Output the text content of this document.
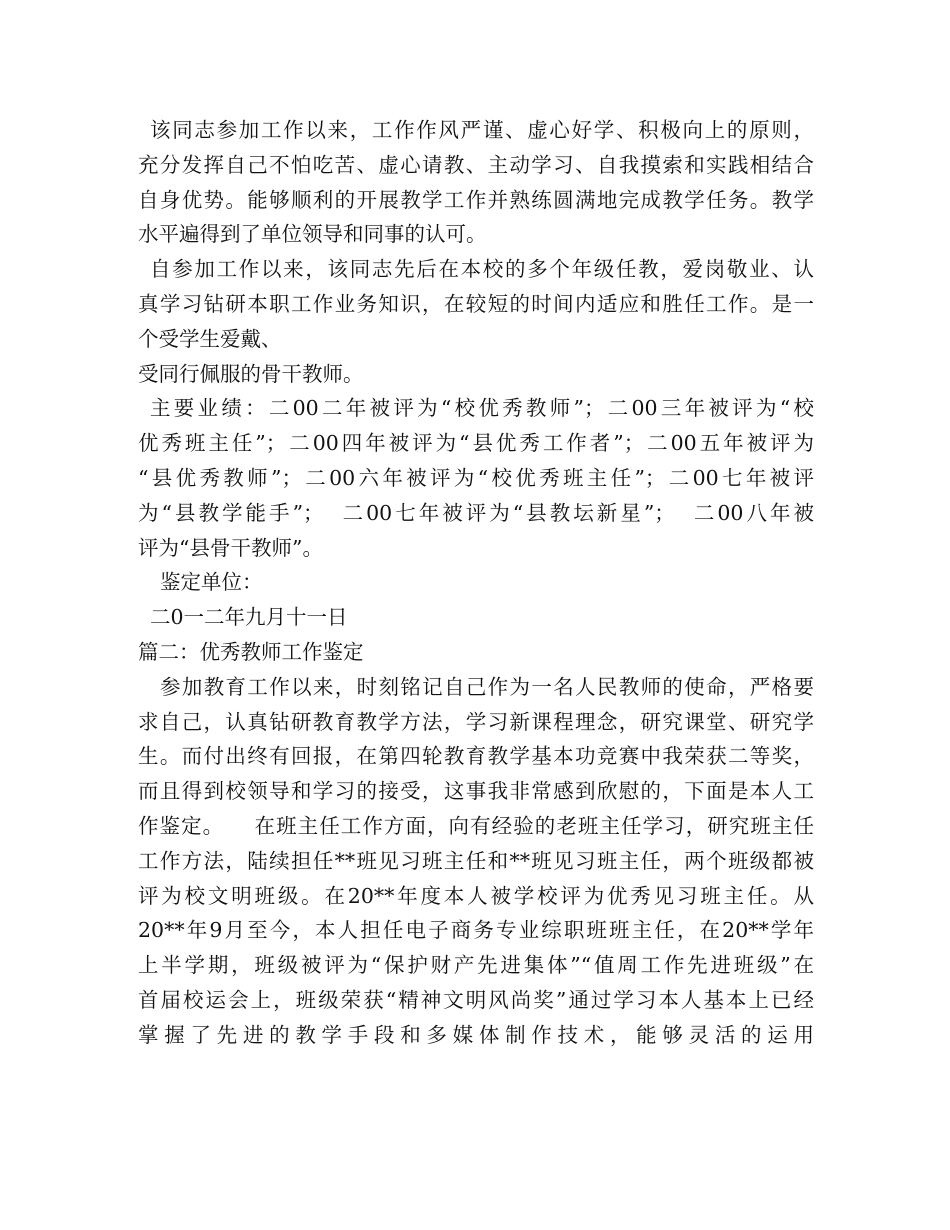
该同志参加工作以来，工作作风严谨、虚心好学、积极向上的原则，
充分发挥自己不怕吃苦、虚心请教、主动学习、自我摸索和实践相结合
自身优势。能够顺利的开展教学工作并熟练圆满地完成教学任务。教学
水平遍得到了单位领导和同事的认可。
自参加工作以来，该同志先后在本校的多个年级任教，爱岗敬业、认
真学习钻研本职工作业务知识，在较短的时间内适应和胜任工作。是一
个受学生爱戴、
受同行佩服的骨干教师。
主要业绩：二00二年被评为“校优秀教师”；二00三年被评为“校
优秀班主任”；二00四年被评为“县优秀工作者”；二00五年被评为
“县优秀教师”；二00六年被评为“校优秀班主任”；二00七年被评
为“县教学能手”；  二00七年被评为“县教坛新星”；  二00八年被
评为“县骨干教师”。
鉴定单位：
二0一二年九月十一日
篇二：优秀教师工作鉴定
参加教育工作以来，时刻铭记自己作为一名人民教师的使命，严格要
求自己，认真钻研教育教学方法，学习新课程理念，研究课堂、研究学
生。而付出终有回报，在第四轮教育教学基本功竞赛中我荣获二等奖，
而且得到校领导和学习的接受，这事我非常感到欣慰的，下面是本人工
作鉴定。    在班主任工作方面，向有经验的老班主任学习，研究班主任
工作方法，陆续担任**班见习班主任和**班见习班主任，两个班级都被
评为校文明班级。在20**年度本人被学校评为优秀见习班主任。从
20**年9月至今，本人担任电子商务专业综职班班主任，在20**学年
上半学期，班级被评为“保护财产先进集体”“值周工作先进班级”在
首届校运会上，班级荣获“精神文明风尚奖”通过学习本人基本上已经
掌握了先进的教学手段和多媒体制作技术，能够灵活的运用
